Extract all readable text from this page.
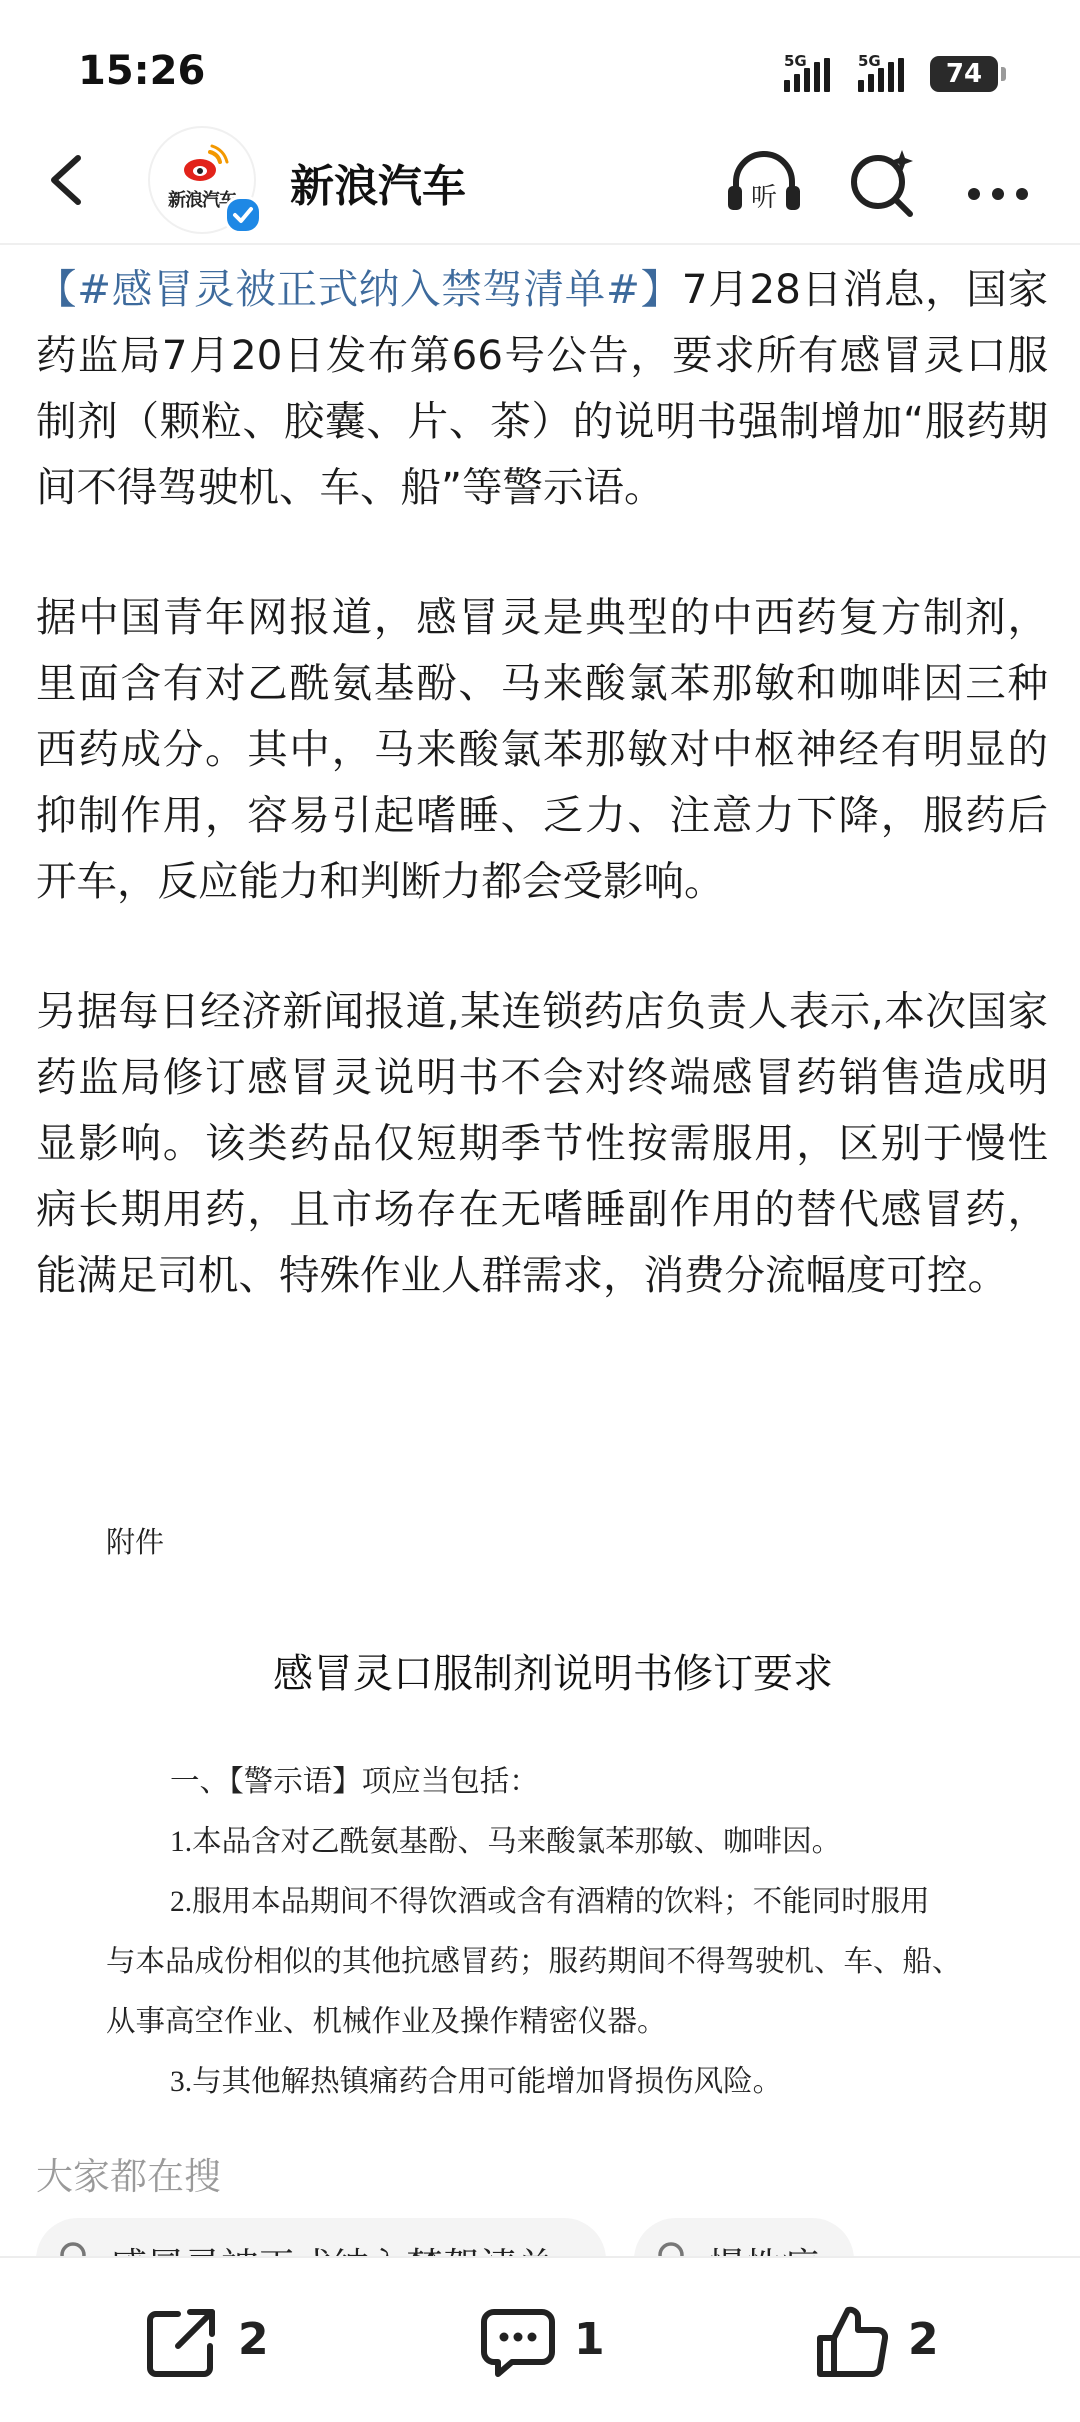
15:26	5G	5G	74
新浪汽车	新浪汽车	听

【#感冒灵被正式纳入禁驾清单#】7月28日消息，国家药监局7月20日发布第66号公告，要求所有感冒灵口服制剂（颗粒、胶囊、片、茶）的说明书强制增加“服药期间不得驾驶机、车、船”等警示语。

据中国青年网报道，感冒灵是典型的中西药复方制剂，里面含有对乙酰氨基酚、马来酸氯苯那敏和咖啡因三种西药成分。其中，马来酸氯苯那敏对中枢神经有明显的抑制作用，容易引起嗜睡、乏力、注意力下降，服药后开车，反应能力和判断力都会受影响。

另据每日经济新闻报道,某连锁药店负责人表示,本次国家药监局修订感冒灵说明书不会对终端感冒药销售造成明显影响。该类药品仅短期季节性按需服用，区别于慢性病长期用药，且市场存在无嗜睡副作用的替代感冒药，能满足司机、特殊作业人群需求，消费分流幅度可控。

附件
感冒灵口服制剂说明书修订要求
一、【警示语】项应当包括：
1.本品含对乙酰氨基酚、马来酸氯苯那敏、咖啡因。
2.服用本品期间不得饮酒或含有酒精的饮料；不能同时服用
与本品成份相似的其他抗感冒药；服药期间不得驾驶机、车、船、
从事高空作业、机械作业及操作精密仪器。
3.与其他解热镇痛药合用可能增加肾损伤风险。
大家都在搜
2	1	2
